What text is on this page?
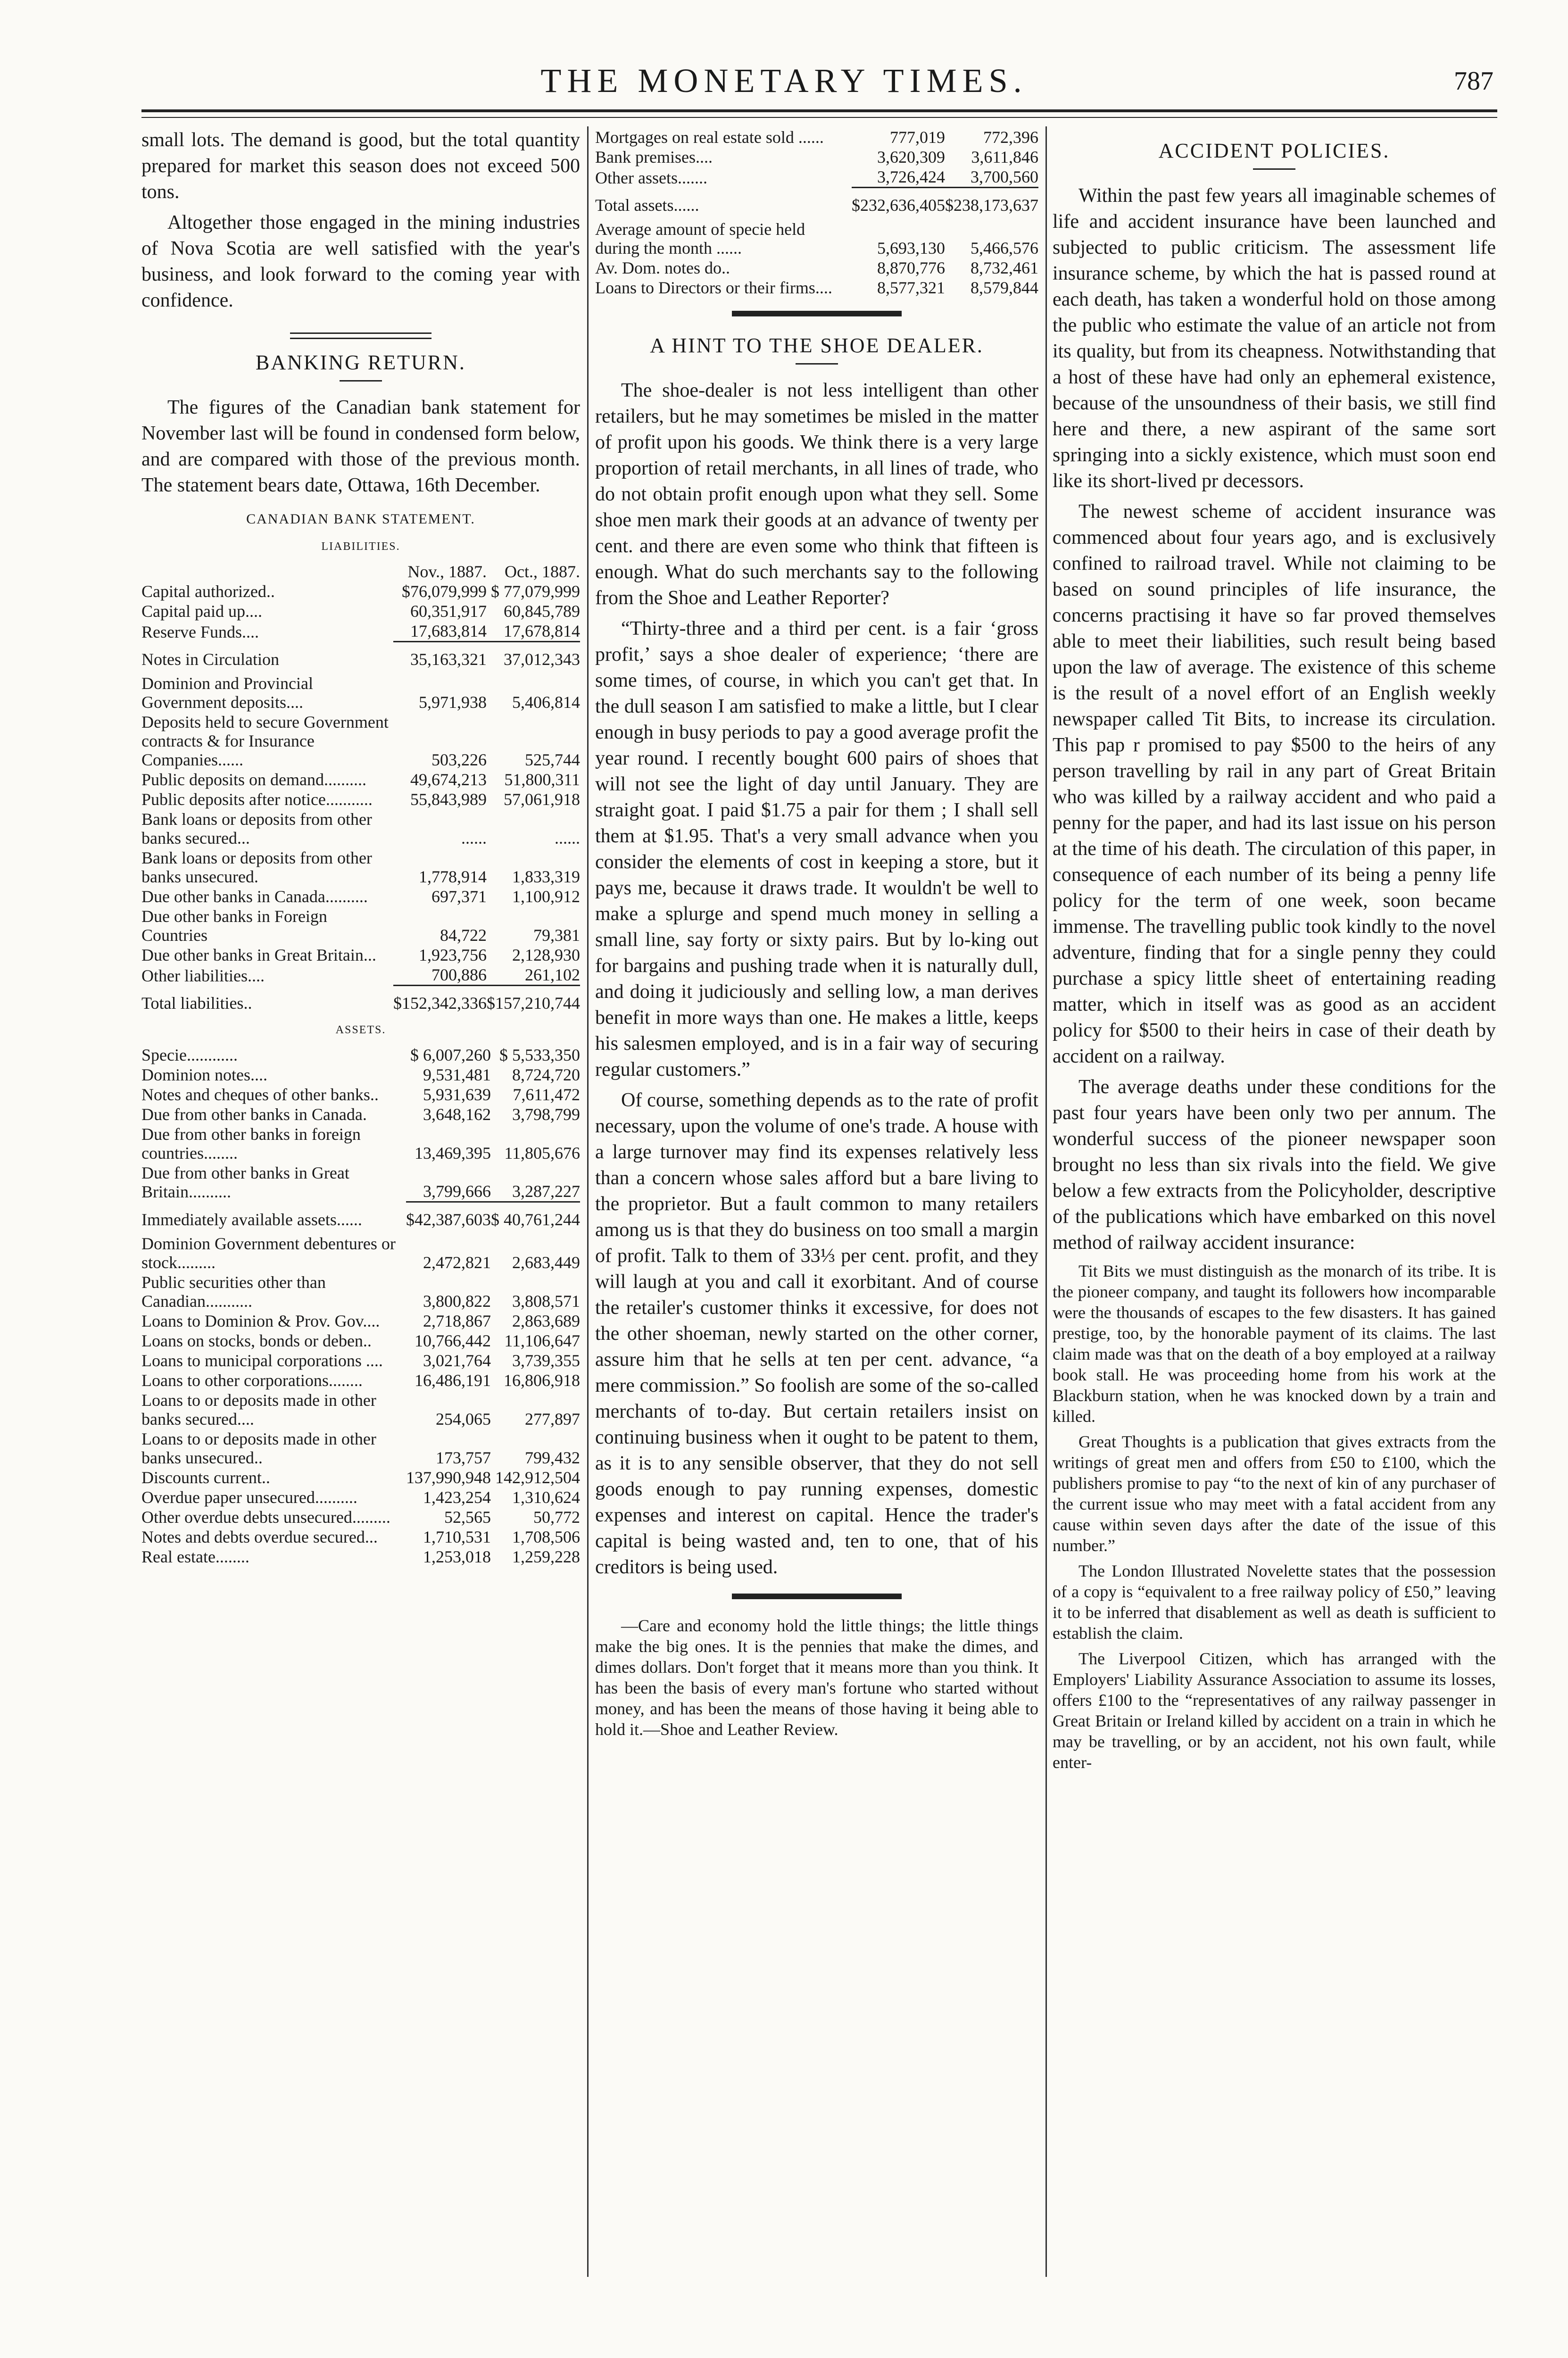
THE MONETARY TIMES.	787

small lots. The demand is good, but the total quantity prepared for market this season does not exceed 500 tons.

Altogether those engaged in the mining industries of Nova Scotia are well satisfied with the year's business, and look forward to the coming year with confidence.

BANKING RETURN.

The figures of the Canadian bank statement for November last will be found in condensed form below, and are compared with those of the previous month. The statement bears date, Ottawa, 16th December.

CANADIAN BANK STATEMENT.
LIABILITIES.
	Nov., 1887.	Oct., 1887.
Capital authorized..	$76,079,999	$ 77,079,999
Capital paid up....	60,351,917	60,845,789
Reserve Funds....	17,683,814	17,678,814
Notes in Circulation	35,163,321	37,012,343
Dominion and Provincial Government deposits....	5,971,938	5,406,814
Deposits held to secure Government contracts & for Insurance Companies......	503,226	525,744
Public deposits on demand..........	49,674,213	51,800,311
Public deposits after notice...........	55,843,989	57,061,918
Bank loans or deposits from other banks secured...	......	......
Bank loans or deposits from other banks unsecured.	1,778,914	1,833,319
Due other banks in Canada..........	697,371	1,100,912
Due other banks in Foreign Countries	84,722	79,381
Due other banks in Great Britain...	1,923,756	2,128,930
Other liabilities....	700,886	261,102
Total liabilities..	$152,342,336	$157,210,744
ASSETS.
Specie............	$ 6,007,260	$ 5,533,350
Dominion notes....	9,531,481	8,724,720
Notes and cheques of other banks..	5,931,639	7,611,472
Due from other banks in Canada.	3,648,162	3,798,799
Due from other banks in foreign countries........	13,469,395	11,805,676
Due from other banks in Great Britain..........	3,799,666	3,287,227
Immediately available assets......	$42,387,603	$ 40,761,244
Dominion Government debentures or stock.........	2,472,821	2,683,449
Public securities other than Canadian...........	3,800,822	3,808,571
Loans to Dominion & Prov. Gov....	2,718,867	2,863,689
Loans on stocks, bonds or deben..	10,766,442	11,106,647
Loans to municipal corporations ....	3,021,764	3,739,355
Loans to other corporations........	16,486,191	16,806,918
Loans to or deposits made in other banks secured....	254,065	277,897
Loans to or deposits made in other banks unsecured..	173,757	799,432
Discounts current..	137,990,948	142,912,504
Overdue paper unsecured..........	1,423,254	1,310,624
Other overdue debts unsecured.........	52,565	50,772
Notes and debts overdue secured...	1,710,531	1,708,506
Real estate........	1,253,018	1,259,228
Mortgages on real estate sold ......	777,019	772,396
Bank premises....	3,620,309	3,611,846
Other assets.......	3,726,424	3,700,560
Total assets......	$232,636,405	$238,173,637
Average amount of specie held during the month ......	5,693,130	5,466,576
Av. Dom. notes do..	8,870,776	8,732,461
Loans to Directors or their firms....	8,577,321	8,579,844
A HINT TO THE SHOE DEALER.

The shoe-dealer is not less intelligent than other retailers, but he may sometimes be misled in the matter of profit upon his goods. We think there is a very large proportion of retail merchants, in all lines of trade, who do not obtain profit enough upon what they sell. Some shoe men mark their goods at an advance of twenty per cent. and there are even some who think that fifteen is enough. What do such merchants say to the following from the Shoe and Leather Reporter?

“Thirty-three and a third per cent. is a fair ‘gross profit,’ says a shoe dealer of experience; ‘there are some times, of course, in which you can't get that. In the dull season I am satisfied to make a little, but I clear enough in busy periods to pay a good average profit the year round. I recently bought 600 pairs of shoes that will not see the light of day until January. They are straight goat. I paid $1.75 a pair for them ; I shall sell them at $1.95. That's a very small advance when you consider the elements of cost in keeping a store, but it pays me, because it draws trade. It wouldn't be well to make a splurge and spend much money in selling a small line, say forty or sixty pairs. But by lo-king out for bargains and pushing trade when it is naturally dull, and doing it judiciously and selling low, a man derives benefit in more ways than one. He makes a little, keeps his salesmen employed, and is in a fair way of securing regular customers.”

Of course, something depends as to the rate of profit necessary, upon the volume of one's trade. A house with a large turnover may find its expenses relatively less than a concern whose sales afford but a bare living to the proprietor. But a fault common to many retailers among us is that they do business on too small a margin of profit. Talk to them of 33⅓ per cent. profit, and they will laugh at you and call it exorbitant. And of course the retailer's customer thinks it excessive, for does not the other shoeman, newly started on the other corner, assure him that he sells at ten per cent. advance, “a mere commission.” So foolish are some of the so-called merchants of to-day. But certain retailers insist on continuing business when it ought to be patent to them, as it is to any sensible observer, that they do not sell goods enough to pay running expenses, domestic expenses and interest on capital. Hence the trader's capital is being wasted and, ten to one, that of his creditors is being used.

—Care and economy hold the little things; the little things make the big ones. It is the pennies that make the dimes, and dimes dollars. Don't forget that it means more than you think. It has been the basis of every man's fortune who started without money, and has been the means of those having it being able to hold it.—Shoe and Leather Review.

ACCIDENT POLICIES.

Within the past few years all imaginable schemes of life and accident insurance have been launched and subjected to public criticism. The assessment life insurance scheme, by which the hat is passed round at each death, has taken a wonderful hold on those among the public who estimate the value of an article not from its quality, but from its cheapness. Notwithstanding that a host of these have had only an ephemeral existence, because of the unsoundness of their basis, we still find here and there, a new aspirant of the same sort springing into a sickly existence, which must soon end like its short-lived pr decessors.

The newest scheme of accident insurance was commenced about four years ago, and is exclusively confined to railroad travel. While not claiming to be based on sound principles of life insurance, the concerns practising it have so far proved themselves able to meet their liabilities, such result being based upon the law of average. The existence of this scheme is the result of a novel effort of an English weekly newspaper called Tit Bits, to increase its circulation. This pap r promised to pay $500 to the heirs of any person travelling by rail in any part of Great Britain who was killed by a railway accident and who paid a penny for the paper, and had its last issue on his person at the time of his death. The circulation of this paper, in consequence of each number of its being a penny life policy for the term of one week, soon became immense. The travelling public took kindly to the novel adventure, finding that for a single penny they could purchase a spicy little sheet of entertaining reading matter, which in itself was as good as an accident policy for $500 to their heirs in case of their death by accident on a railway.

The average deaths under these conditions for the past four years have been only two per annum. The wonderful success of the pioneer newspaper soon brought no less than six rivals into the field. We give below a few extracts from the Policyholder, descriptive of the publications which have embarked on this novel method of railway accident insurance:

Tit Bits we must distinguish as the monarch of its tribe. It is the pioneer company, and taught its followers how incomparable were the thousands of escapes to the few disasters. It has gained prestige, too, by the honorable payment of its claims. The last claim made was that on the death of a boy employed at a railway book stall. He was proceeding home from his work at the Blackburn station, when he was knocked down by a train and killed.

Great Thoughts is a publication that gives extracts from the writings of great men and offers from £50 to £100, which the publishers promise to pay “to the next of kin of any purchaser of the current issue who may meet with a fatal accident from any cause within seven days after the date of the issue of this number.”

The London Illustrated Novelette states that the possession of a copy is “equivalent to a free railway policy of £50,” leaving it to be inferred that disablement as well as death is sufficient to establish the claim.

The Liverpool Citizen, which has arranged with the Employers' Liability Assurance Association to assume its losses, offers £100 to the “representatives of any railway passenger in Great Britain or Ireland killed by accident on a train in which he may be travelling, or by an accident, not his own fault, while enter-
